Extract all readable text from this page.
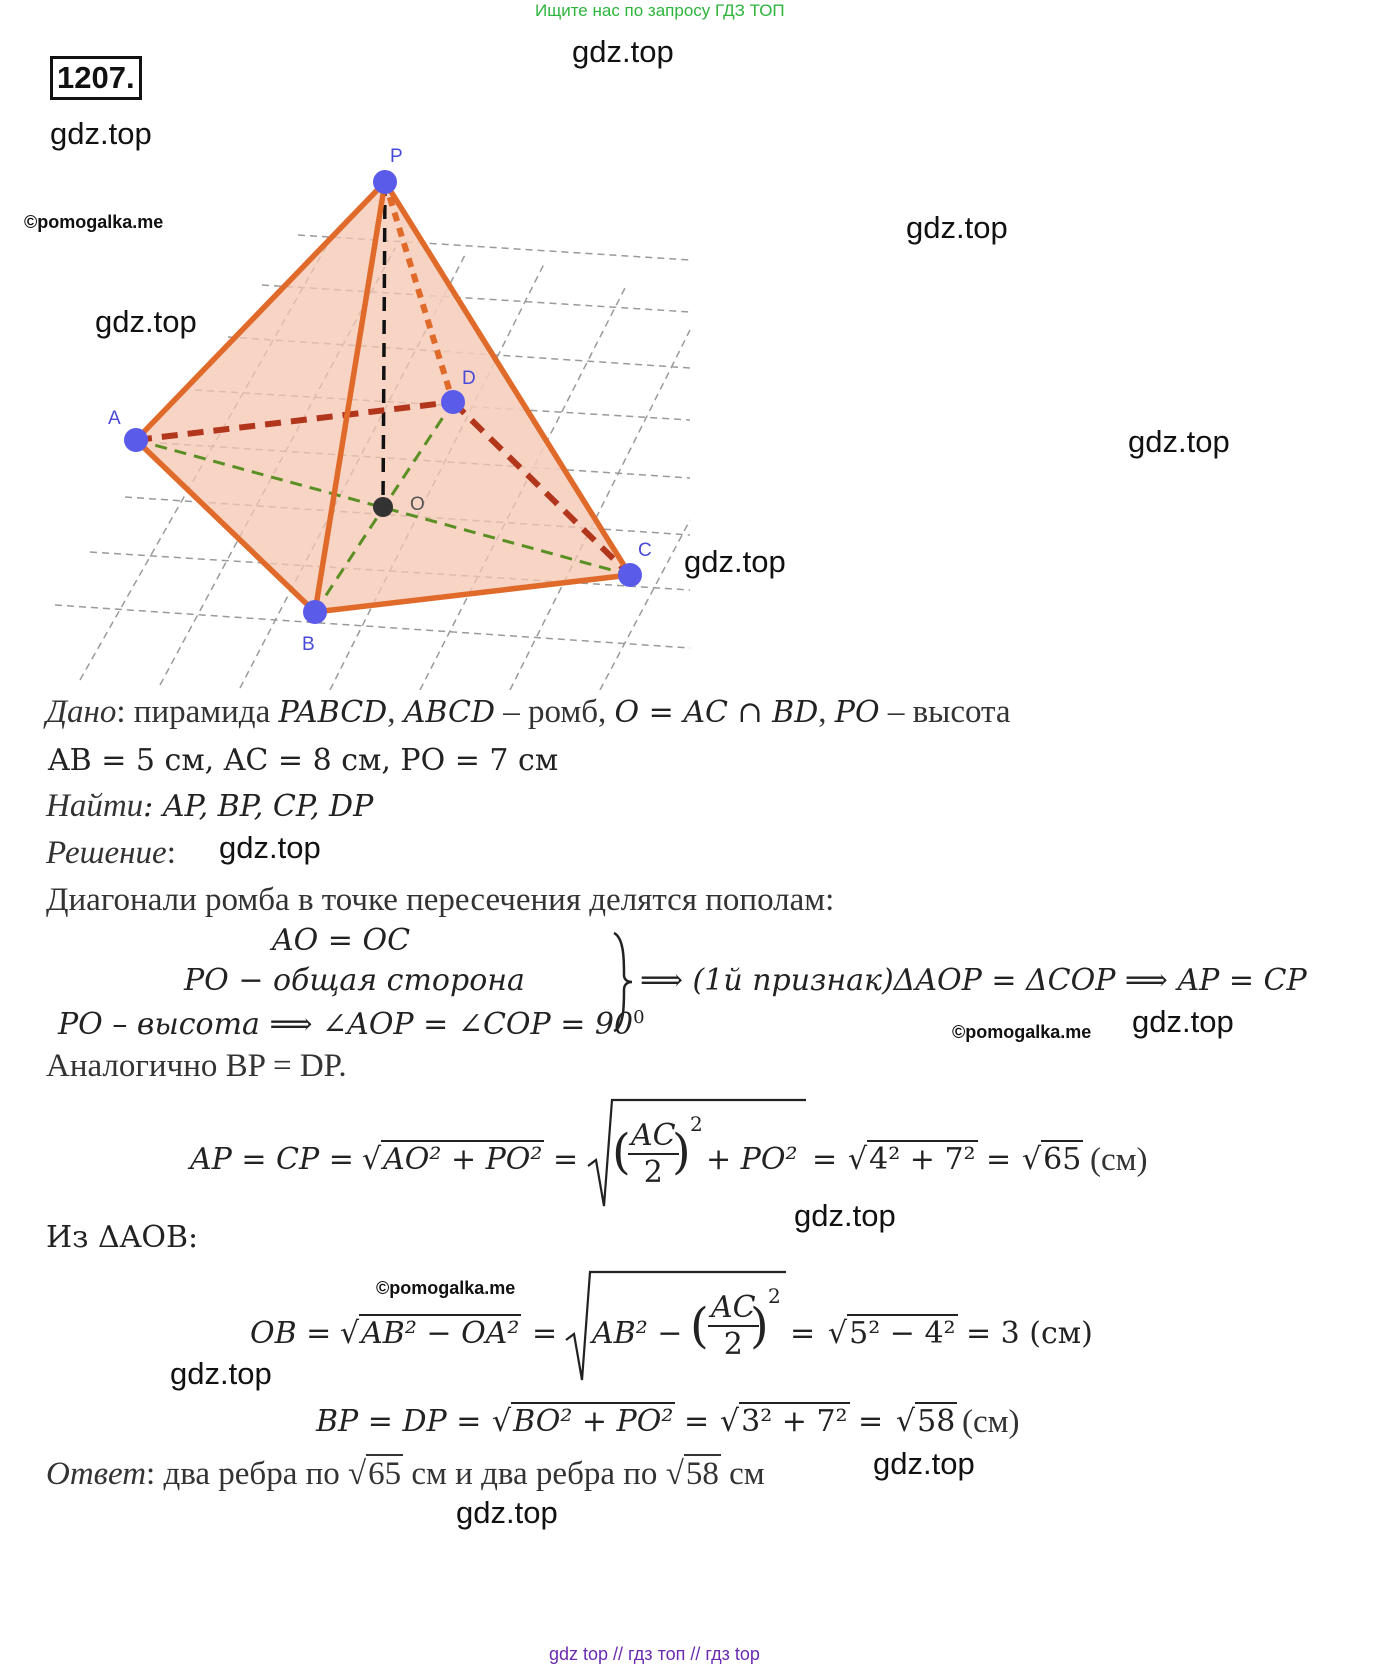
Ищите нас по запросу ГДЗ ТОП
1207.
gdz.top
gdz.top
©pomogalka.me	gdz.top
gdz.top
gdz.top
gdz.top
P
A
B
C
D
O
Дано: пирамида PABCD, ABCD – ромб, O = AC ∩ BD, PO – высота
AB = 5 см, AC = 8 см, PO = 7 см
Найти: AP, BP, CP, DP
Решение: gdz.top
Диагонали ромба в точке пересечения делятся пополам:
AO = OC
PO − общая сторона
PO – высота ⟹ ∠AOP = ∠COP = $90^0$
⟹ (1й признак)ΔAOP = ΔCOP ⟹ AP = CP
©pomogalka.me gdz.top
Аналогично BP = DP.
AP = CP = √AO² + PO² = (
$\frac{AC}{2}$
) 2
+ PO² = √4² + 7² = √65 (см)
gdz.top
Из ΔAOB:
©pomogalka.me
OB = √AB² − OA² = AB² − ( $\frac{AC}{2}$
)
2
= √5² − 4² = 3 (см)
gdz.top
BP = DP = √BO² + PO² = √3² + 7² = √58 (см)
Ответ: два ребра по √65 см и два ребра по √58 см	gdz.top
gdz.top
gdz top // гдз топ // гдз top
